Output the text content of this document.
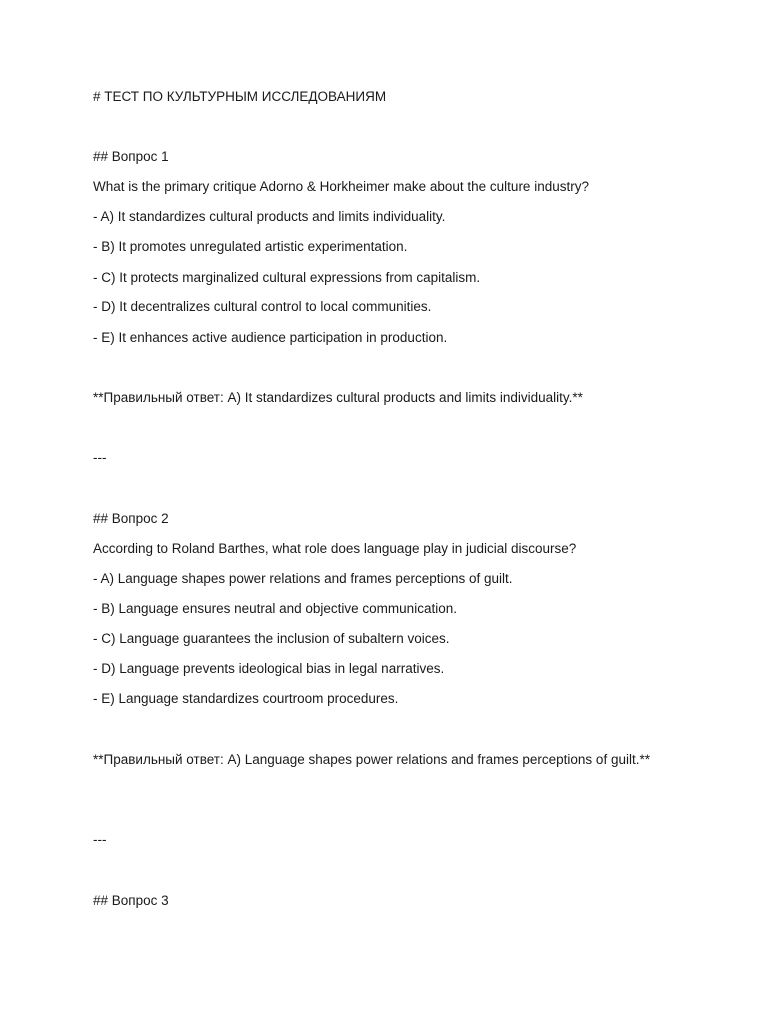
# ТЕСТ ПО КУЛЬТУРНЫМ ИССЛЕДОВАНИЯМ
## Вопрос 1
What is the primary critique Adorno & Horkheimer make about the culture industry?
- A) It standardizes cultural products and limits individuality.
- B) It promotes unregulated artistic experimentation.
- C) It protects marginalized cultural expressions from capitalism.
- D) It decentralizes cultural control to local communities.
- E) It enhances active audience participation in production.
**Правильный ответ: A) It standardizes cultural products and limits individuality.**
---
## Вопрос 2
According to Roland Barthes, what role does language play in judicial discourse?
- A) Language shapes power relations and frames perceptions of guilt.
- B) Language ensures neutral and objective communication.
- C) Language guarantees the inclusion of subaltern voices.
- D) Language prevents ideological bias in legal narratives.
- E) Language standardizes courtroom procedures.
**Правильный ответ: A) Language shapes power relations and frames perceptions of guilt.**
---
## Вопрос 3
